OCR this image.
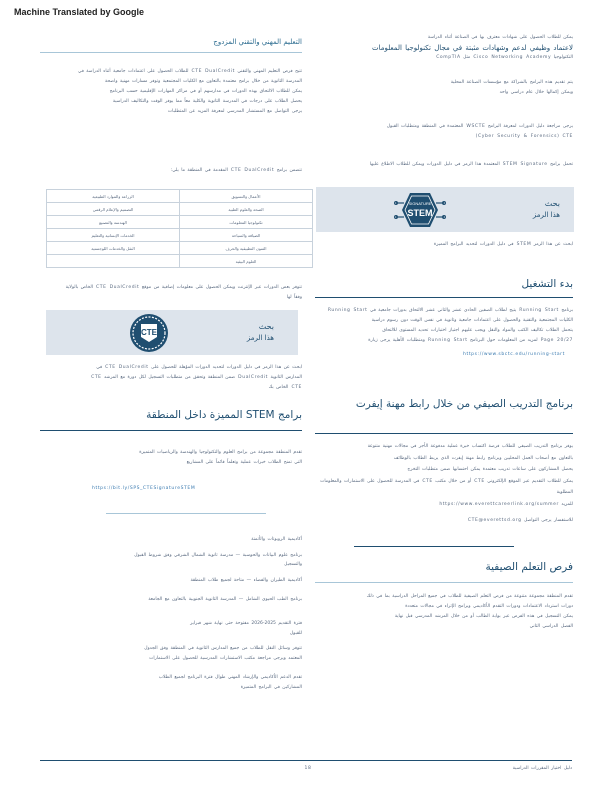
Machine Translated by Google
التعليم المهني والتقني المزدوج
تتيح فرص التعليم المهني والتقني ‎CTE DualCredit‎ للطلاب الحصول على اعتمادات جامعية أثناء الدراسة في
المدرسة الثانوية من خلال برامج معتمدة بالتعاون مع الكليات المجتمعية وتوفر مسارات مهنية واضحة
يمكن للطلاب الالتحاق بهذه الدورات في مدارسهم أو في مراكز المهارات الإقليمية حسب البرنامج
يحصل الطلاب على درجات في المدرسة الثانوية والكلية معاً مما يوفر الوقت والتكاليف الدراسية
يرجى التواصل مع المستشار المدرسي لمعرفة المزيد عن المتطلبات
تتضمن برامج ‎CTE DualCredit‎ المقدمة في المنطقة ما يلي:
الزراعة والموارد الطبيعية	الأعمال والتسويق
التصميم والإعلام الرقمي	الصحة والعلوم الطبية
الهندسة والتصنيع	تكنولوجيا المعلومات
الخدمات الإنسانية والتعليم	الضيافة والسياحة
النقل والخدمات اللوجستية	الفنون التطبيقية والحرف
	العلوم البيئية
تتوفر بعض الدورات عبر الإنترنت ويمكن الحصول على معلومات إضافية من موقع ‎CTE DualCredit‎ الخاص بالولاية
وفقاً لها
CTE
بحث
هذا الرمز
ابحث عن هذا الرمز في دليل الدورات لتحديد الدورات المؤهلة للحصول على ‎CTE DualCredit‎ في
المدارس الثانوية ‎DualCredit‎ ضمن المنطقة وتحقق من متطلبات التسجيل لكل دورة مع المرشد ‎CTE‎
‎CTE‎ الخاص بك
برامج ‎STEM‎ المميزة داخل المنطقة
تقدم المنطقة مجموعة من برامج العلوم والتكنولوجيا والهندسة والرياضيات المتميزة
التي تمنح الطلاب خبرات عملية وتعلماً قائماً على المشاريع
https://bit.ly/SPS_CTESignatureSTEM
أكاديمية الروبوتات والأتمتة
برنامج علوم البيانات والحوسبة — مدرسة ثانوية الشمال الشرقي وفق شروط القبول
والتسجيل
أكاديمية الطيران والفضاء — متاحة لجميع طلاب المنطقة
برنامج الطب الحيوي الشامل — المدرسة الثانوية الجنوبية بالتعاون مع الجامعة
فترة التقديم 2025-2026 مفتوحة حتى نهاية شهر فبراير
للقبول
تتوفر وسائل النقل للطلاب من جميع المدارس الثانوية في المنطقة وفق الجدول
المعتمد ويرجى مراجعة مكتب الاستشارات المدرسية للحصول على الاستمارات
تقدم الدعم الأكاديمي والإرشاد المهني طوال فترة البرنامج لجميع الطلاب
المشاركين في البرامج المتميزة
يمكن للطلاب الحصول على شهادات معترف بها في الصناعة أثناء الدراسة
لاعتماد وظيفي لدعم وشهادات مثبتة في مجال تكنولوجيا المعلومات
التكنولوجيا ‎Cisco Networking Academy‎ مثل ‎CompTIA‎
يتم تقديم هذه البرامج بالشراكة مع مؤسسات الصناعة المحلية
ويمكن إكمالها خلال عام دراسي واحد
يرجى مراجعة دليل الدورات لمعرفة البرامج ‎WSCTE‎ المعتمدة في المنطقة ومتطلبات القبول
‎(Cyber Security & Forensics)‎ ‎CTE‎
تحمل برامج ‎STEM Signature‎ المعتمدة هذا الرمز في دليل الدورات ويمكن للطلاب الاطلاع عليها
SIGNATURE
STEM
بحث
هذا الرمز
ابحث عن هذا الرمز ‎STEM‎ في دليل الدورات لتحديد البرامج المميزة
بدء التشغيل
برنامج ‎Running Start‎ يتيح لطلاب الصفين الحادي عشر والثاني عشر الالتحاق بدورات جامعية في ‎Running Start‎
الكليات المجتمعية والتقنية والحصول على اعتمادات جامعية وثانوية في نفس الوقت دون رسوم دراسية
يتحمل الطلاب تكاليف الكتب والمواد والنقل ويجب عليهم اجتياز اختبارات تحديد المستوى للالتحاق
‎Page 20/27‎ لمزيد من المعلومات حول البرنامج ‎Running Start‎ ومتطلبات الأهلية يرجى زيارة
https://www.sbctc.edu/running-start
برنامج التدريب الصيفي من خلال رابط مهنة إيفرت
يوفر برنامج التدريب الصيفي للطلاب فرصة اكتساب خبرة عملية مدفوعة الأجر في مجالات مهنية متنوعة
بالتعاون مع أصحاب العمل المحليين وبرنامج رابط مهنة إيفرت الذي يربط الطلاب بالوظائف
يحصل المشاركون على ساعات تدريب معتمدة يمكن احتسابها ضمن متطلبات التخرج
يمكن للطلاب التقديم عبر الموقع الإلكتروني ‎CTE‎ أو من خلال مكتب ‎CTE‎ في المدرسة للحصول على الاستمارات والمعلومات المطلوبة
للمزيد ‎https://www.everettcareerlink.org/summer‎
للاستفسار يرجى التواصل ‎CTE@everettsd.org‎
فرص التعلم الصيفية
تقدم المنطقة مجموعة متنوعة من فرص التعلم الصيفية للطلاب في جميع المراحل الدراسية بما في ذلك
دورات استرداد الاعتمادات ودورات التقدم الأكاديمي وبرامج الإثراء في مجالات متعددة
يمكن التسجيل في هذه الفرص عبر بوابة الطالب أو من خلال المرشد المدرسي قبل نهاية
الفصل الدراسي الثاني
18	دليل اختيار المقررات الدراسية
